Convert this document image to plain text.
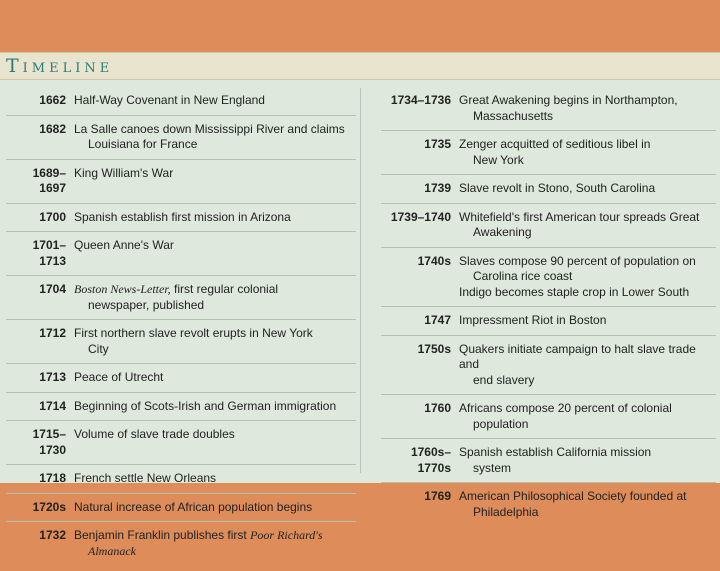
Timeline
1662 Half-Way Covenant in New England
1682 La Salle canoes down Mississippi River and claims
Louisiana for France
1689–1697
King William's War
1700 Spanish establish first mission in Arizona
1701–1713
Queen Anne's War
1704 Boston News-Letter, first regular colonial
newspaper, published
1712 First northern slave revolt erupts in New York
City
1713 Peace of Utrecht
1714 Beginning of Scots-Irish and German immigration
1715–1730
Volume of slave trade doubles
1718 French settle New Orleans
1720s Natural increase of African population begins
1732 Benjamin Franklin publishes first Poor Richard's
Almanack
1734–1736 Great Awakening begins in Northampton,
Massachusetts
1735 Zenger acquitted of seditious libel in
New York
1739 Slave revolt in Stono, South Carolina
1739–1740 Whitefield's first American tour spreads Great
Awakening
1740s Slaves compose 90 percent of population on
Carolina rice coast
Indigo becomes staple crop in Lower South
1747 Impressment Riot in Boston
1750s Quakers initiate campaign to halt slave trade and
end slavery
1760 Africans compose 20 percent of colonial
population
1760s–1770s
Spanish establish California mission
system
1769 American Philosophical Society founded at
Philadelphia
